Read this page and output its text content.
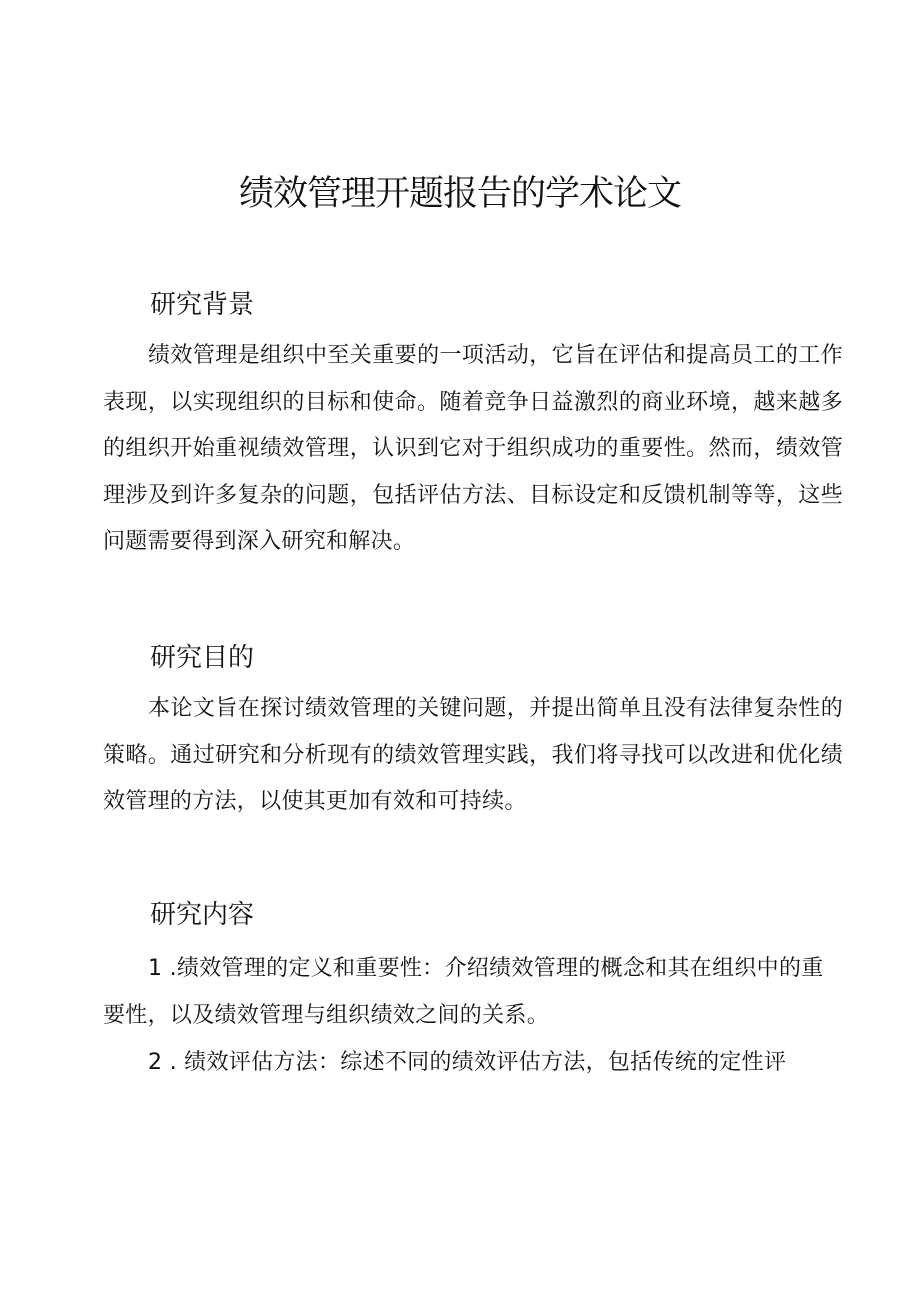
绩效管理开题报告的学术论文
研究背景

绩效管理是组织中至关重要的一项活动，它旨在评估和提高员工的工作表现，以实现组织的目标和使命。随着竞争日益激烈的商业环境，越来越多的组织开始重视绩效管理，认识到它对于组织成功的重要性。然而，绩效管理涉及到许多复杂的问题，包括评估方法、目标设定和反馈机制等等，这些问题需要得到深入研究和解决。

研究目的

本论文旨在探讨绩效管理的关键问题，并提出简单且没有法律复杂性的策略。通过研究和分析现有的绩效管理实践，我们将寻找可以改进和优化绩效管理的方法，以使其更加有效和可持续。

研究内容

1 .绩效管理的定义和重要性：介绍绩效管理的概念和其在组织中的重要性，以及绩效管理与组织绩效之间的关系。

2 . 绩效评估方法：综述不同的绩效评估方法，包括传统的定性评
